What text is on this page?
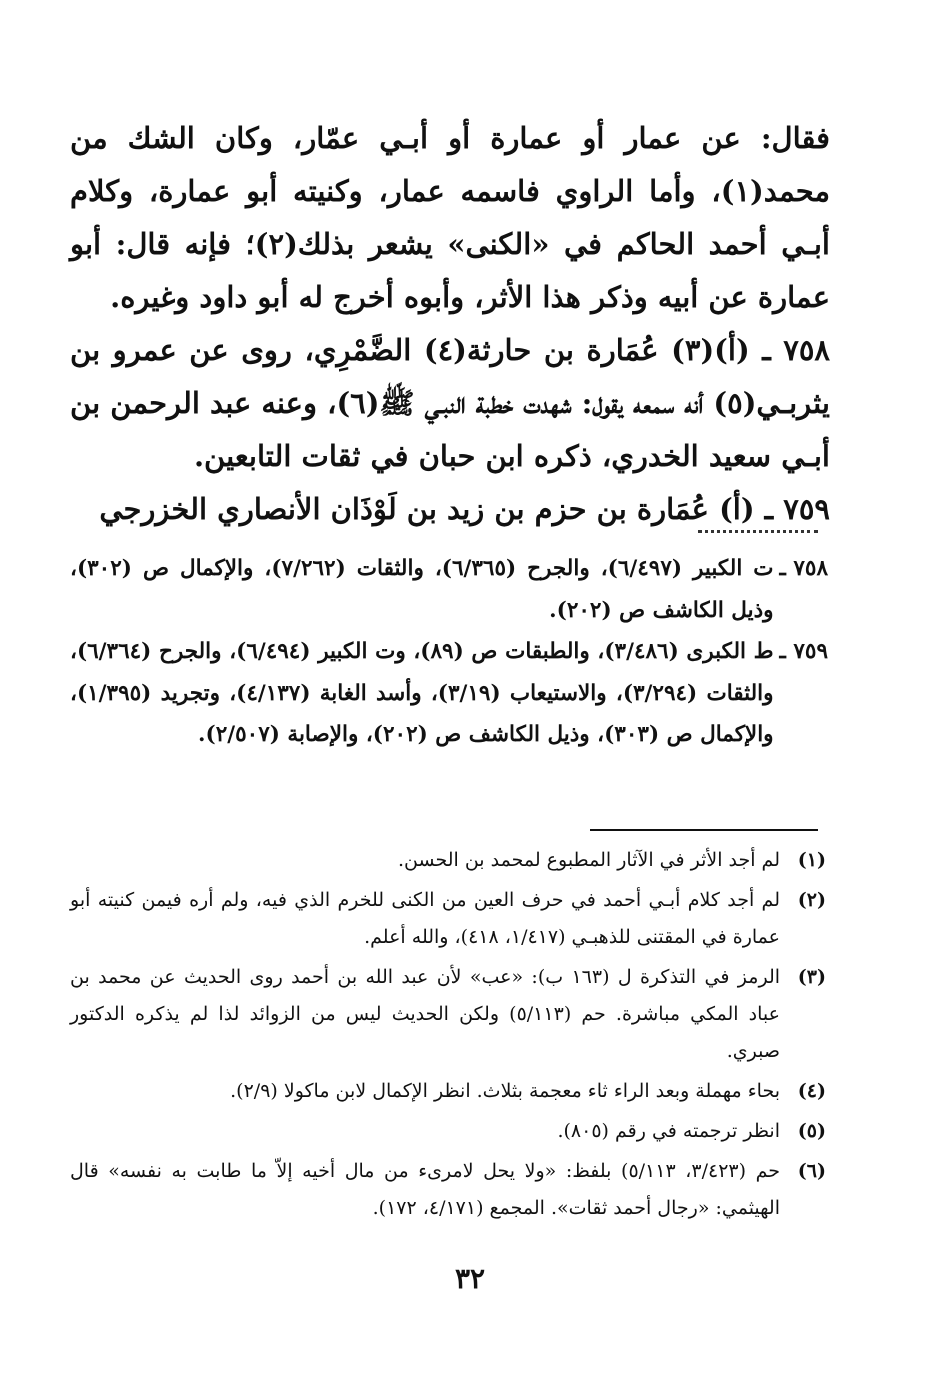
فقال: عن عمار أو عمارة أو أبـي عمّار، وكان الشك من محمد(١)، وأما الراوي فاسمه عمار، وكنيته أبو عمارة، وكلام أبـي أحمد الحاكم في «الكنى» يشعر بذلك(٢)؛ فإنه قال: أبو عمارة عن أبيه وذكر هذا الأثر، وأبوه أخرج له أبو داود وغيره.

٧٥٨ ـ (أ)(٣) عُمَارة بن حارثة(٤) الضَّمْرِي، روى عن عمرو بن يثربـي(٥) أنه سمعه يقول: شهدت خطبة النبـي ﷺ(٦)، وعنه عبد الرحمن بن أبـي سعيد الخدري، ذكره ابن حبان في ثقات التابعين.

٧٥٩ ـ (أ) عُمَارة بن حزم بن زيد بن لَوْذَان الأنصاري الخزرجي

٧٥٨ ـ
ت الكبير (٦/٤٩٧)، والجرح (٦/٣٦٥)، والثقات (٧/٢٦٢)، والإكمال ص (٣٠٢)، وذيل الكاشف ص (٢٠٢).
٧٥٩ ـ
ط الكبرى (٣/٤٨٦)، والطبقات ص (٨٩)، وت الكبير (٦/٤٩٤)، والجرح (٦/٣٦٤)، والثقات (٣/٢٩٤)، والاستيعاب (٣/١٩)، وأسد الغابة (٤/١٣٧)، وتجريد (١/٣٩٥)، والإكمال ص (٣٠٣)، وذيل الكاشف ص (٢٠٢)، والإصابة (٢/٥٠٧).
(١)
لم أجد الأثر في الآثار المطبوع لمحمد بن الحسن.
(٢)
لم أجد كلام أبـي أحمد في حرف العين من الكنى للخرم الذي فيه، ولم أره فيمن كنيته أبو عمارة في المقتنى للذهبـي (١/٤١٧، ٤١٨)، والله أعلم.
(٣)
الرمز في التذكرة ل (١٦٣ ب): «عب» لأن عبد الله بن أحمد روى الحديث عن محمد بن عباد المكي مباشرة. حم (٥/١١٣) ولكن الحديث ليس من الزوائد لذا لم يذكره الدكتور صبري.
(٤)
بحاء مهملة وبعد الراء ثاء معجمة بثلاث. انظر الإكمال لابن ماكولا (٢/٩).
(٥)
انظر ترجمته في رقم (٨٠٥).
(٦)
حم (٣/٤٢٣، ٥/١١٣) بلفظ: «ولا يحل لامرىء من مال أخيه إلاّ ما طابت به نفسه» قال الهيثمي: «رجال أحمد ثقات». المجمع (٤/١٧١، ١٧٢).
٣٢
